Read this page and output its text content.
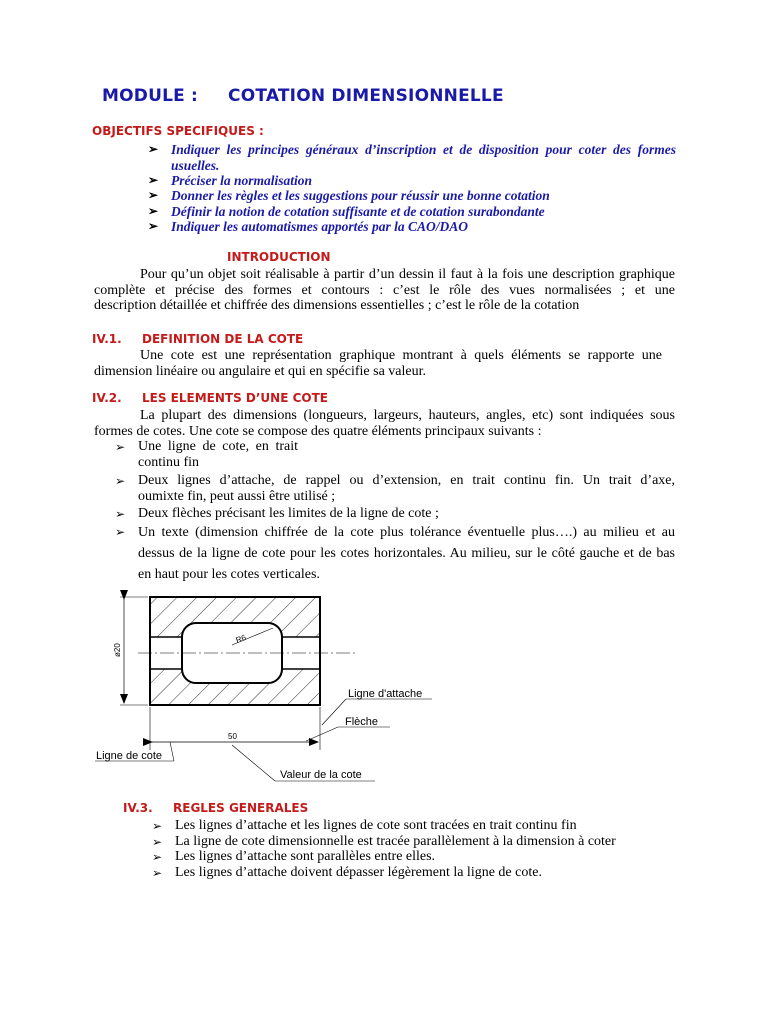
MODULE : COTATION DIMENSIONNELLE
OBJECTIFS SPECIFIQUES :
➢ Indiquer les principes généraux d’inscription et de disposition pour coter des formes usuelles.
➢ Préciser la normalisation
➢ Donner les règles et les suggestions pour réussir une bonne cotation
➢ Définir la notion de cotation suffisante et de cotation surabondante
➢ Indiquer les automatismes apportés par la CAO/DAO
INTRODUCTION
Pour qu’un objet soit réalisable à partir d’un dessin il faut à la fois une description graphique
complète et précise des formes et contours : c’est le rôle des vues normalisées ; et une
description détaillée et chiffrée des dimensions essentielles ; c’est le rôle de la cotation
IV.1. DEFINITION DE LA COTE
Une cote est une représentation graphique montrant à quels éléments se rapporte une
dimension linéaire ou angulaire et qui en spécifie sa valeur.
IV.2. LES ELEMENTS D’UNE COTE
La plupart des dimensions (longueurs, largeurs, hauteurs, angles, etc) sont indiquées sous
formes de cotes. Une cote se compose des quatre éléments principaux suivants :
➢ Une ligne de cote, en trait
continu fin
➢ Deux lignes d’attache, de rappel ou d’extension, en trait continu fin. Un trait d’axe,
oumixte fin, peut aussi être utilisé ;
➢ Deux flèches précisant les limites de la ligne de cote ;
➢ Un texte (dimension chiffrée de la cote plus tolérance éventuelle plus….) au milieu et au
dessus de la ligne de cote pour les cotes horizontales. Au milieu, sur le côté gauche et de bas
en haut pour les cotes verticales.
R6
ø20
50
Ligne d'attache
Flèche
Ligne de cote
Valeur de la cote
IV.3. REGLES GENERALES
➢ Les lignes d’attache et les lignes de cote sont tracées en trait continu fin
➢ La ligne de cote dimensionnelle est tracée parallèlement à la dimension à coter
➢ Les lignes d’attache sont parallèles entre elles.
➢ Les lignes d’attache doivent dépasser légèrement la ligne de cote.
